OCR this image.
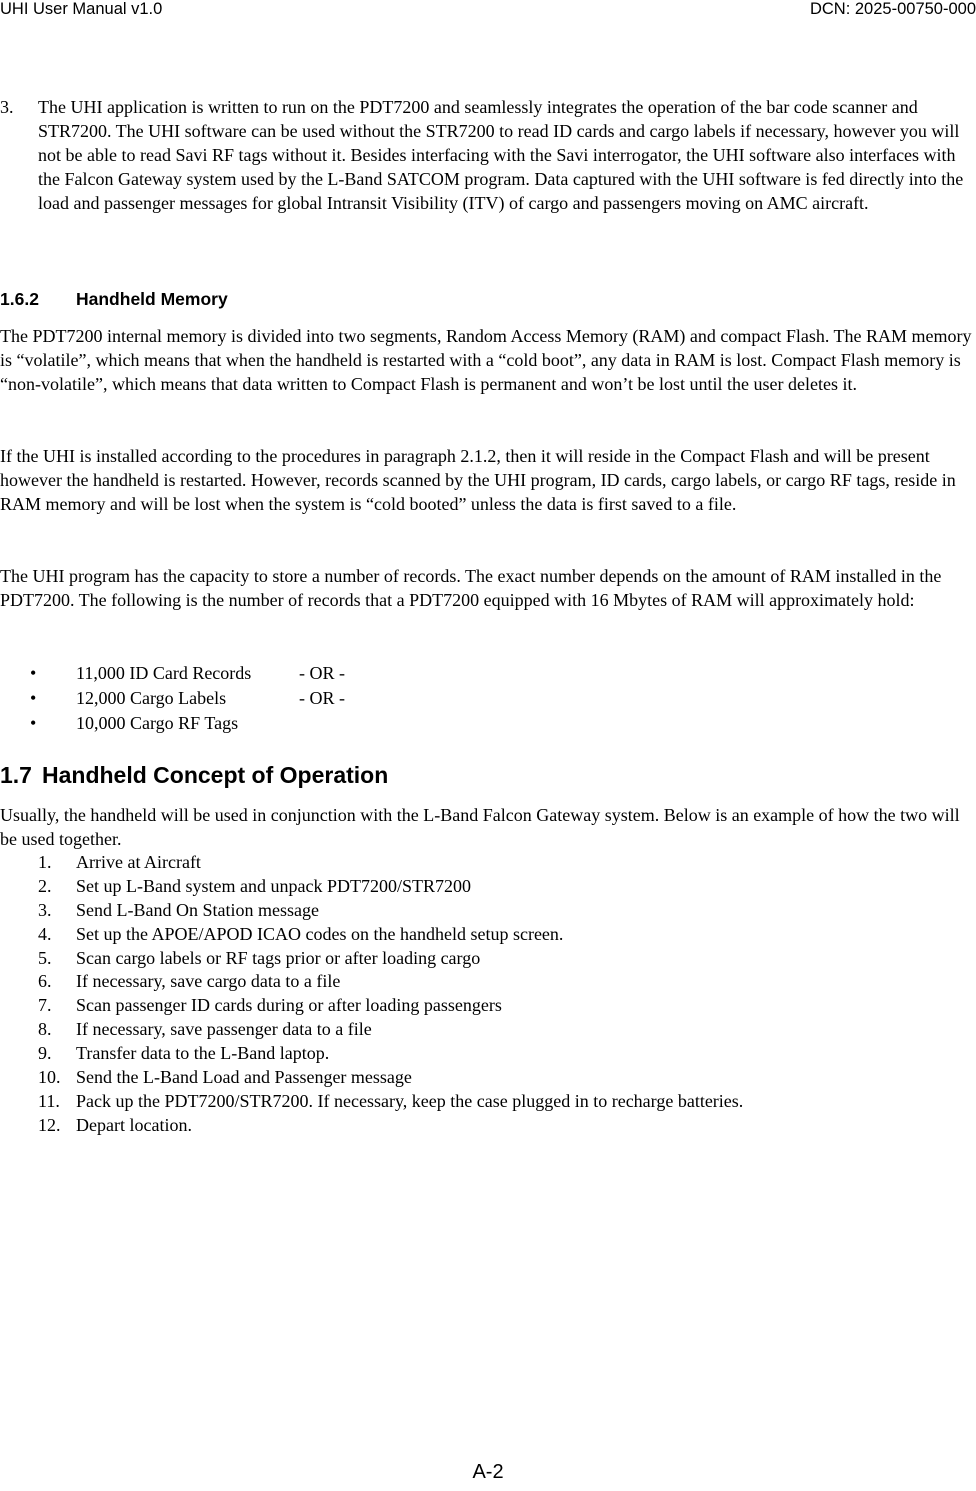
UHI User Manual v1.0	DCN: 2025-00750-000
3. The UHI application is written to run on the PDT7200 and seamlessly integrates the operation of the bar code scanner and STR7200. The UHI software can be used without the STR7200 to read ID cards and cargo labels if necessary, however you will not be able to read Savi RF tags without it. Besides interfacing with the Savi interrogator, the UHI software also interfaces with the Falcon Gateway system used by the L-Band SATCOM program. Data captured with the UHI software is fed directly into the load and passenger messages for global Intransit Visibility (ITV) of cargo and passengers moving on AMC aircraft.

1.6.2 Handheld Memory

The PDT7200 internal memory is divided into two segments, Random Access Memory (RAM) and compact Flash. The RAM memory is “volatile”, which means that when the handheld is restarted with a “cold boot”, any data in RAM is lost. Compact Flash memory is “non-volatile”, which means that data written to Compact Flash is permanent and won’t be lost until the user deletes it.

If the UHI is installed according to the procedures in paragraph 2.1.2, then it will reside in the Compact Flash and will be present however the handheld is restarted. However, records scanned by the UHI program, ID cards, cargo labels, or cargo RF tags, reside in RAM memory and will be lost when the system is “cold booted” unless the data is first saved to a file.

The UHI program has the capacity to store a number of records. The exact number depends on the amount of RAM installed in the PDT7200. The following is the number of records that a PDT7200 equipped with 16 Mbytes of RAM will approximately hold:

• 11,000 ID Card Records	- OR -
• 12,000 Cargo Labels	- OR -
• 10,000 Cargo RF Tags
1.7 Handheld Concept of Operation

Usually, the handheld will be used in conjunction with the L-Band Falcon Gateway system. Below is an example of how the two will be used together.

1. Arrive at Aircraft
2. Set up L-Band system and unpack PDT7200/STR7200
3. Send L-Band On Station message
4. Set up the APOE/APOD ICAO codes on the handheld setup screen.
5. Scan cargo labels or RF tags prior or after loading cargo
6. If necessary, save cargo data to a file
7. Scan passenger ID cards during or after loading passengers
8. If necessary, save passenger data to a file
9. Transfer data to the L-Band laptop.
10. Send the L-Band Load and Passenger message
11. Pack up the PDT7200/STR7200. If necessary, keep the case plugged in to recharge batteries.
12. Depart location.
A-2
